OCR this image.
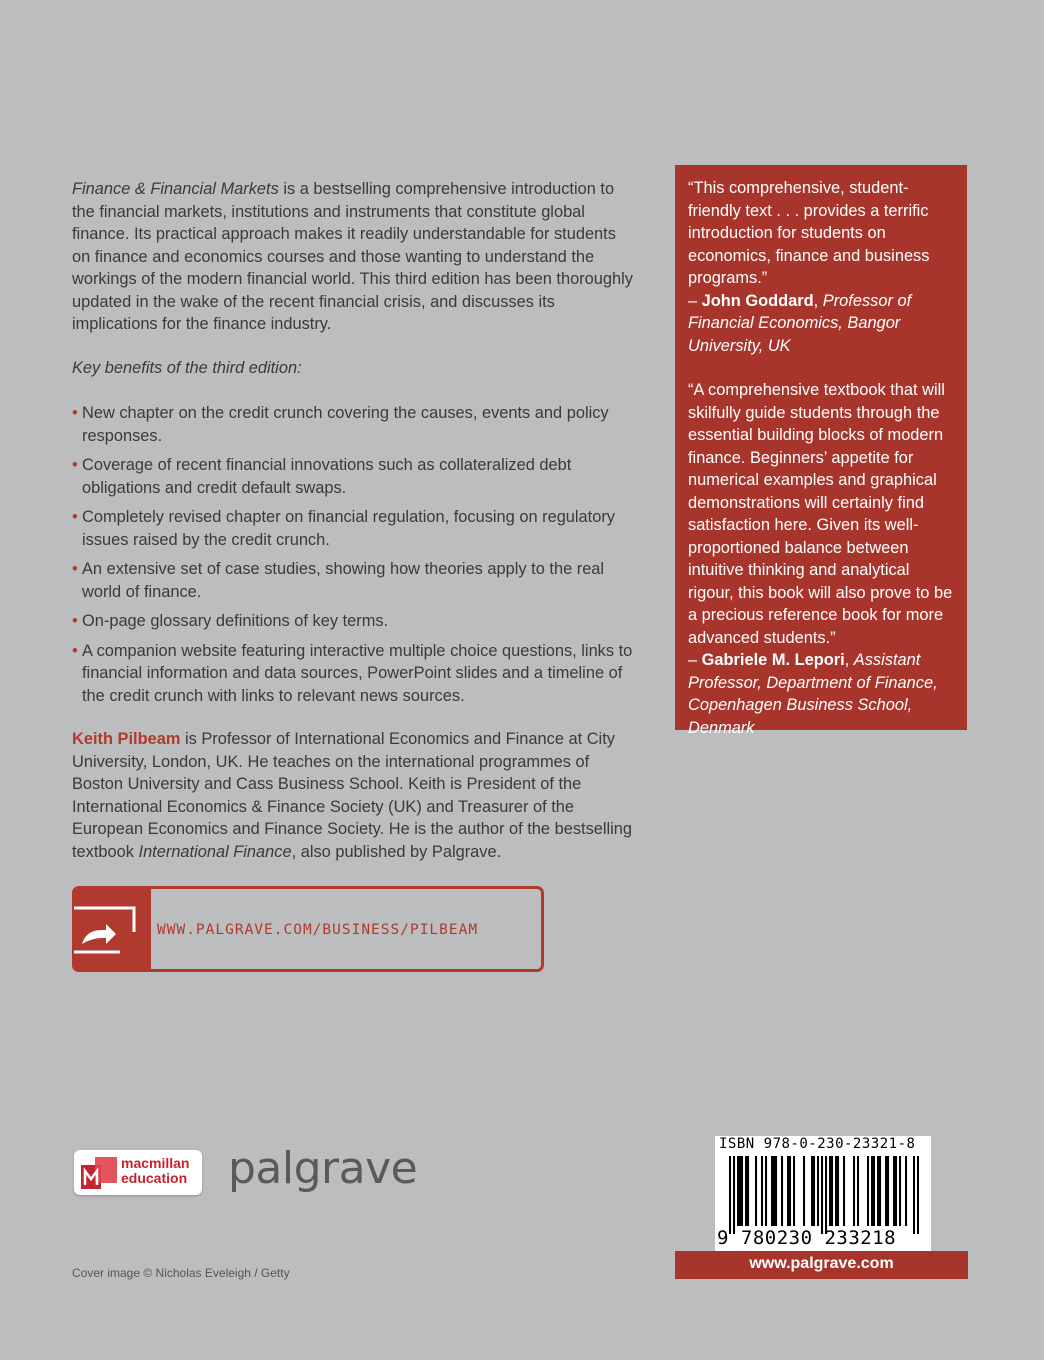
Finance & Financial Markets is a bestselling comprehensive introduction to the financial markets, institutions and instruments that constitute global finance. Its practical approach makes it readily understandable for students on finance and economics courses and those wanting to understand the workings of the modern financial world. This third edition has been thoroughly updated in the wake of the recent financial crisis, and discusses its implications for the finance industry.

Key benefits of the third edition:

• New chapter on the credit crunch covering the causes, events and policy responses.
• Coverage of recent financial innovations such as collateralized debt obligations and credit default swaps.
• Completely revised chapter on financial regulation, focusing on regulatory issues raised by the credit crunch.
• An extensive set of case studies, showing how theories apply to the real world of finance.
• On-page glossary definitions of key terms.
• A companion website featuring interactive multiple choice questions, links to financial information and data sources, PowerPoint slides and a timeline of the credit crunch with links to relevant news sources.

Keith Pilbeam is Professor of International Economics and Finance at City University, London, UK. He teaches on the international programmes of Boston University and Cass Business School. Keith is President of the International Economics & Finance Society (UK) and Treasurer of the European Economics and Finance Society. He is the author of the bestselling textbook International Finance, also published by Palgrave.

WWW.PALGRAVE.COM/BUSINESS/PILBEAM

“This comprehensive, student-friendly text . . . provides a terrific introduction for students on economics, finance and business programs.”
– John Goddard, Professor of Financial Economics, Bangor University, UK

“A comprehensive textbook that will skilfully guide students through the essential building blocks of modern finance. Beginners’ appetite for numerical examples and graphical demonstrations will certainly find satisfaction here. Given its well-proportioned balance between intuitive thinking and analytical rigour, this book will also prove to be a precious reference book for more advanced students.”
– Gabriele M. Lepori, Assistant Professor, Department of Finance, Copenhagen Business School, Denmark

macmillan
education palgrave
Cover image © Nicholas Eveleigh / Getty
ISBN 978-0-230-23321-8
9 780230 233218
www.palgrave.com
